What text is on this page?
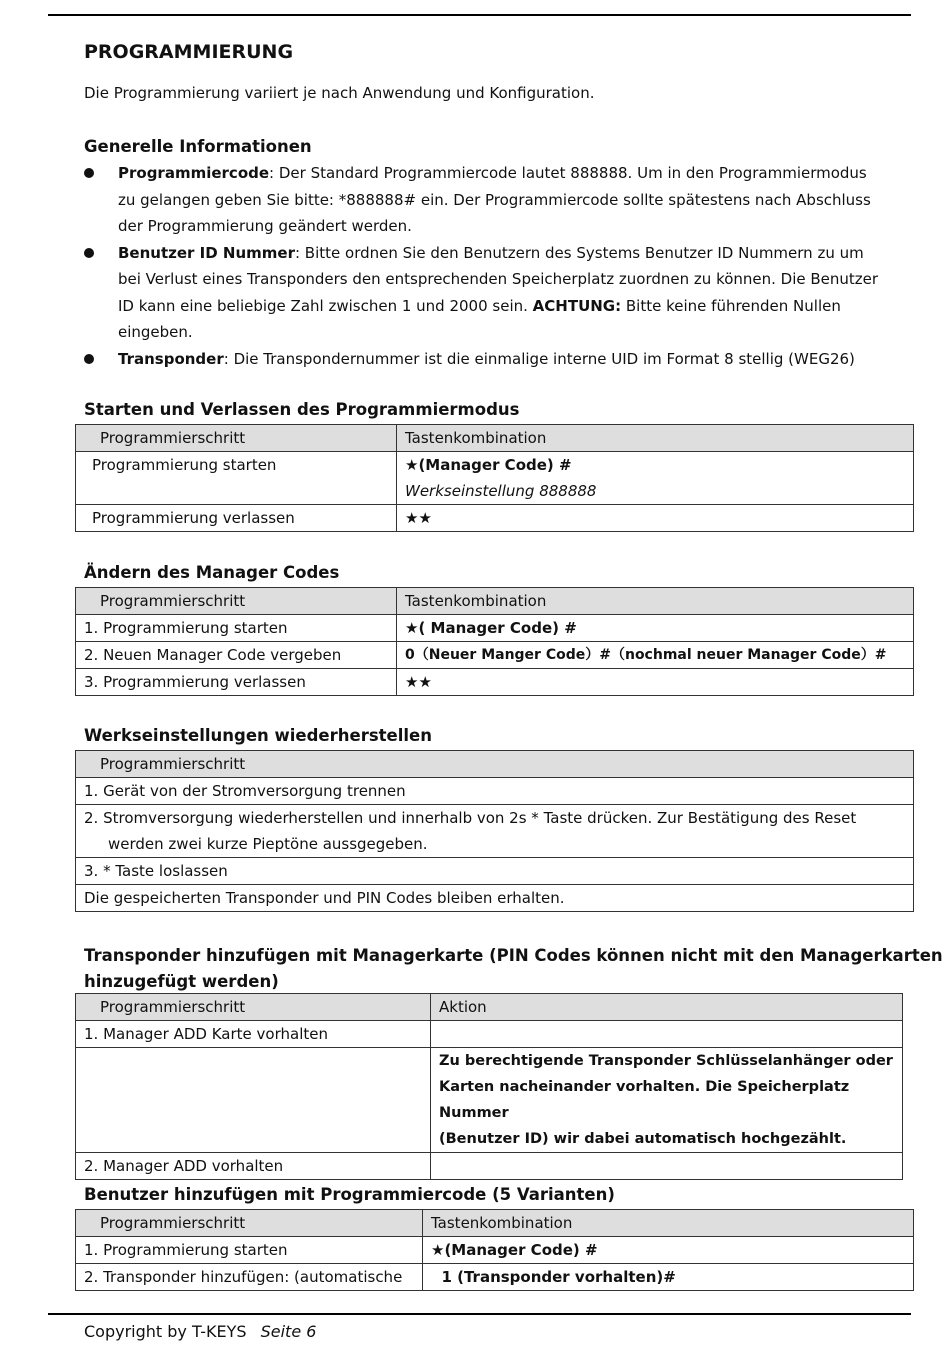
PROGRAMMIERUNG
Die Programmierung variiert je nach Anwendung und Konfiguration.
Generelle Informationen
Programmiercode: Der Standard Programmiercode lautet 888888. Um in den Programmiermodus zu gelangen geben Sie bitte: *888888# ein. Der Programmiercode sollte spätestens nach Abschluss der Programmierung geändert werden.
Benutzer ID Nummer: Bitte ordnen Sie den Benutzern des Systems Benutzer ID Nummern zu um bei Verlust eines Transponders den entsprechenden Speicherplatz zuordnen zu können. Die Benutzer ID kann eine beliebige Zahl zwischen 1 und 2000 sein. ACHTUNG: Bitte keine führenden Nullen eingeben.
Transponder: Die Transpondernummer ist die einmalige interne UID im Format 8 stellig (WEG26)
Starten und Verlassen des Programmiermodus
Programmierschritt	Tastenkombination
Programmierung starten	★(Manager Code) #
Werkseinstellung 888888

Programmierung verlassen	★★
Ändern des Manager Codes
Programmierschritt	Tastenkombination
1. Programmierung starten	★( Manager Code) #
2. Neuen Manager Code vergeben	0（Neuer Manger Code）#（nochmal neuer Manager Code）#
3. Programmierung verlassen	★★
Werkseinstellungen wiederherstellen
Programmierschritt
1. Gerät von der Stromversorgung trennen

2. Stromversorgung wiederherstellen und innerhalb von 2s * Taste drücken. Zur Bestätigung des Reset
werden zwei kurze Pieptöne aussgegeben.

3. * Taste loslassen
Die gespeicherten Transponder und PIN Codes bleiben erhalten.
Transponder hinzufügen mit Managerkarte (PIN Codes können nicht mit den Managerkarten
hinzugefügt werden)
Programmierschritt	Aktion
1. Manager ADD Karte vorhalten	

	Zu berechtigende Transponder Schlüsselanhänger oder
Karten nacheinander vorhalten. Die Speicherplatz Nummer
(Benutzer ID) wir dabei automatisch hochgezählt.

2. Manager ADD vorhalten	
Benutzer hinzufügen mit Programmiercode (5 Varianten)
Programmierschritt	Tastenkombination
1. Programmierung starten	★(Manager Code) #
2. Transponder hinzufügen: (automatische	1 (Transponder vorhalten)#
Copyright by T-KEYS Seite 6
